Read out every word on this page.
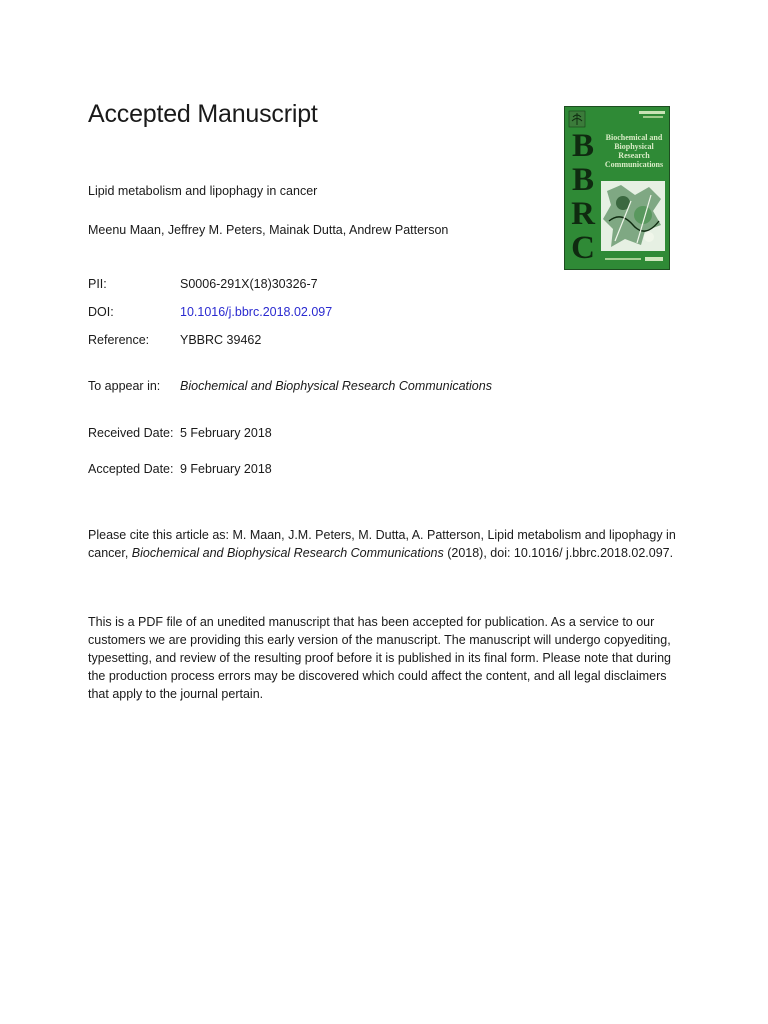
Accepted Manuscript
Lipid metabolism and lipophagy in cancer
Meenu Maan, Jeffrey M. Peters, Mainak Dutta, Andrew Patterson
B
B
R
C
Biochemical and Biophysical Research Communications
PII:	S0006-291X(18)30326-7
DOI:	10.1016/j.bbrc.2018.02.097
Reference:	YBBRC 39462
To appear in:	Biochemical and Biophysical Research Communications
Received Date: 5 February 2018
Accepted Date: 9 February 2018

Please cite this article as: M. Maan, J.M. Peters, M. Dutta, A. Patterson, Lipid metabolism and lipophagy in cancer, Biochemical and Biophysical Research Communications (2018), doi: 10.1016/ j.bbrc.2018.02.097.

This is a PDF file of an unedited manuscript that has been accepted for publication. As a service to our customers we are providing this early version of the manuscript. The manuscript will undergo copyediting, typesetting, and review of the resulting proof before it is published in its final form. Please note that during the production process errors may be discovered which could affect the content, and all legal disclaimers that apply to the journal pertain.
